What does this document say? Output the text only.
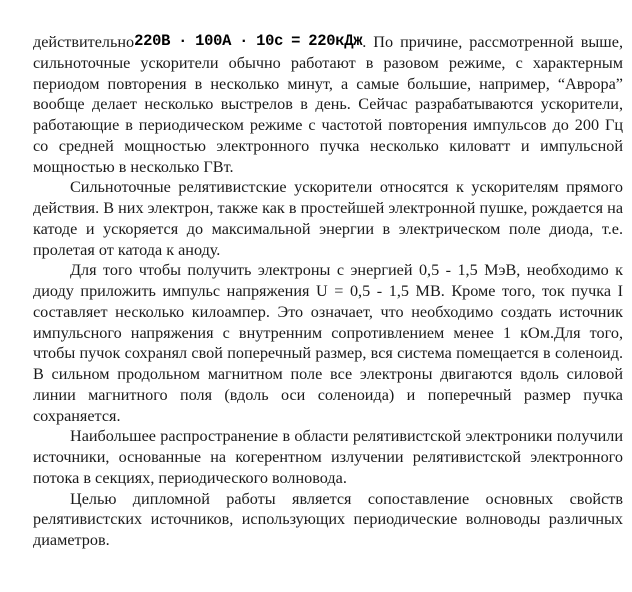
действительно220В · 100А · 10с = 220кДж. По причине, рассмотренной выше, сильноточные ускорители обычно работают в разовом режиме, с характерным периодом повторения в несколько минут, а самые большие, например, “Аврора” вообще делает несколько выстрелов в день. Сейчас разрабатываются ускорители, работающие в периодическом режиме с частотой повторения импульсов до 200 Гц со средней мощностью электронного пучка несколько киловатт и импульсной мощностью в несколько ГВт.

Сильноточные релятивистские ускорители относятся к ускорителям прямого действия. В них электрон, также как в простейшей электронной пушке, рождается на катоде и ускоряется до максимальной энергии в электрическом поле диода, т.е. пролетая от катода к аноду.

Для того чтобы получить электроны с энергией 0,5 - 1,5 МэВ, необходимо к диоду приложить импульс напряжения U = 0,5 - 1,5 МВ. Кроме того, ток пучка I составляет несколько килоампер. Это означает, что необходимо создать источник импульсного напряжения с внутренним сопротивлением менее 1 кОм.Для того, чтобы пучок сохранял свой поперечный размер, вся система помещается в соленоид. В сильном продольном магнитном поле все электроны двигаются вдоль силовой линии магнитного поля (вдоль оси соленоида) и поперечный размер пучка сохраняется.

Наибольшее распространение в области релятивистской электроники получили источники, основанные на когерентном излучении релятивистской электронного потока в секциях, периодического волновода.

Целью дипломной работы является сопоставление основных свойств релятивистских источников, использующих периодические волноводы различных диаметров.
